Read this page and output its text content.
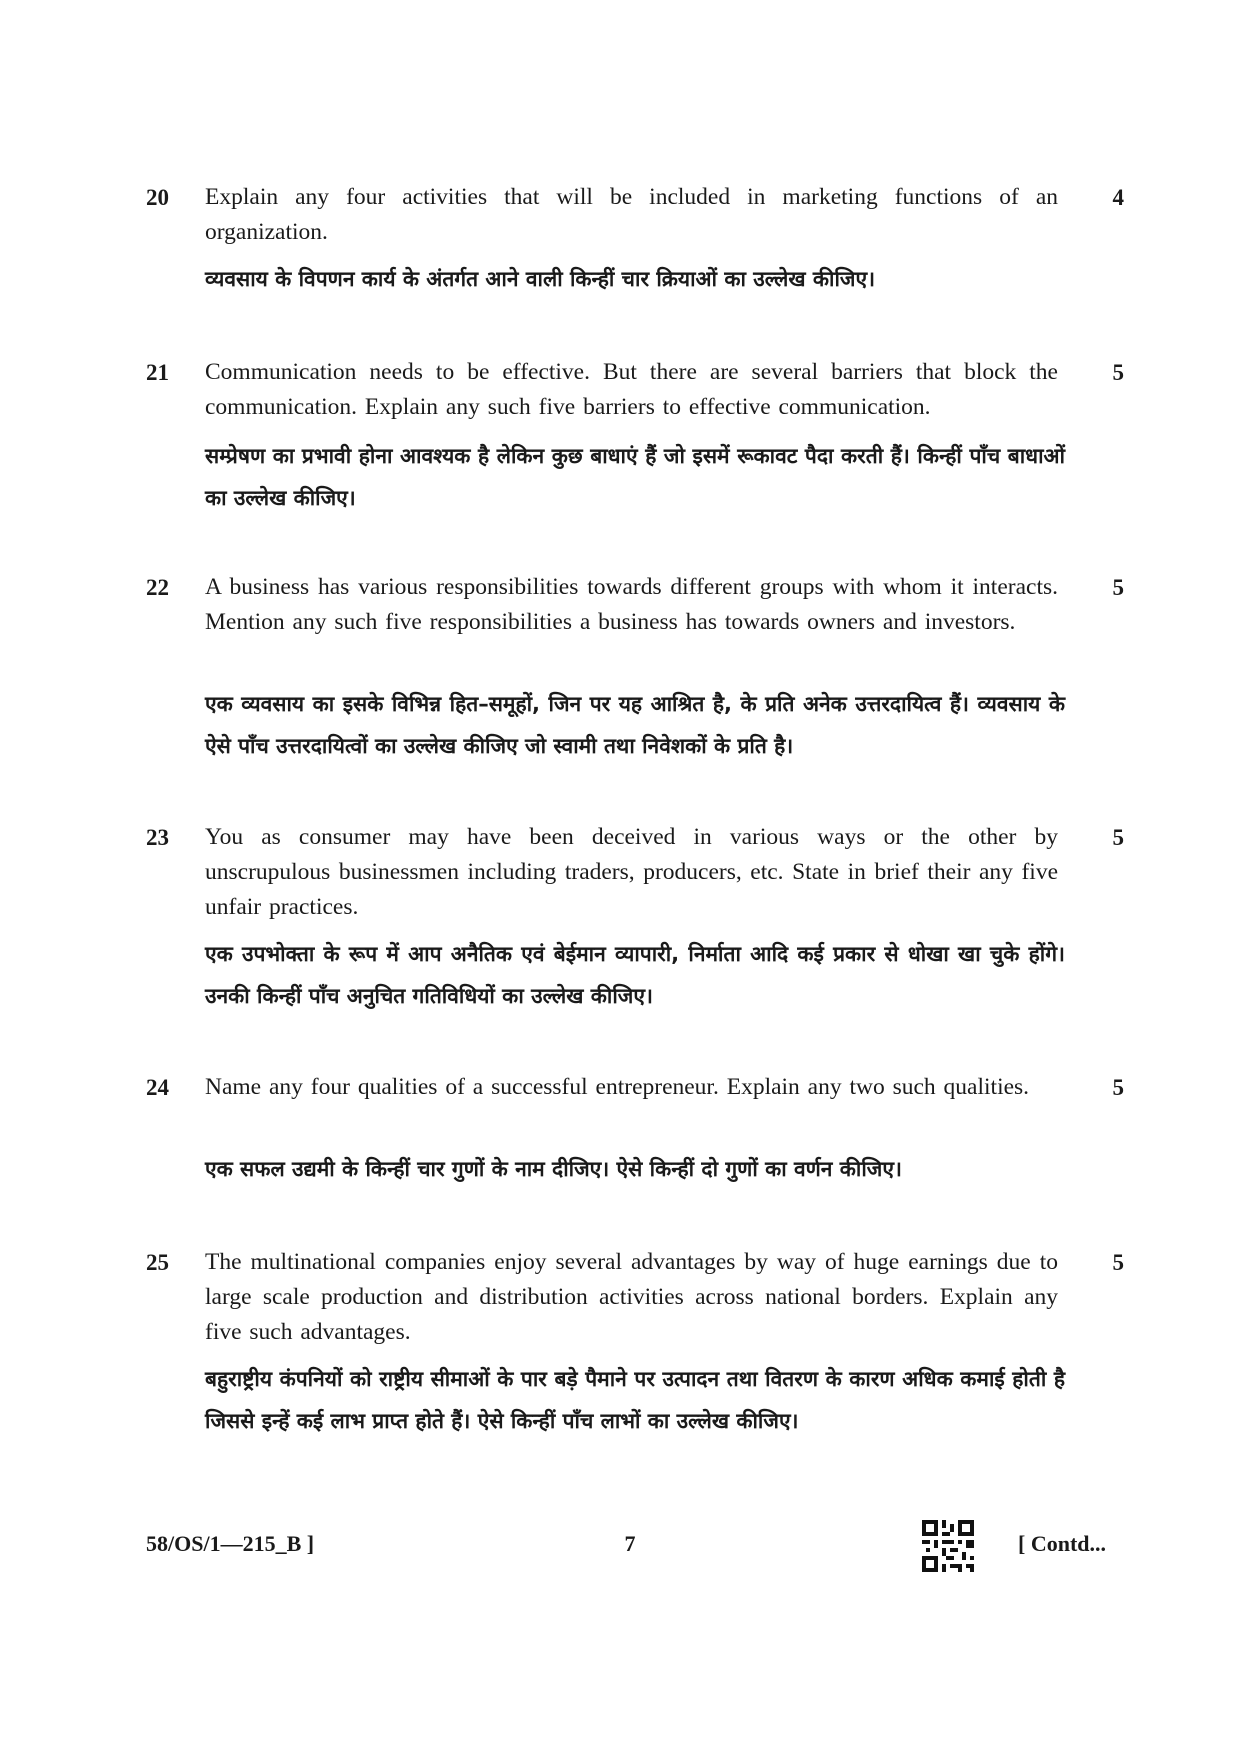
20 Explain any four activities that will be included in marketing functions of an organization.

व्यवसाय के विपणन कार्य के अंतर्गत आने वाली किन्हीं चार क्रियाओं का उल्लेख कीजिए।

4
21 Communication needs to be effective. But there are several barriers that block the communication. Explain any such five barriers to effective communication.

सम्प्रेषण का प्रभावी होना आवश्यक है लेकिन कुछ बाधाएं हैं जो इसमें रूकावट पैदा करती हैं। किन्हीं पाँच बाधाओं का उल्लेख कीजिए।

5
22 A business has various responsibilities towards different groups with whom it interacts. Mention any such five responsibilities a business has towards owners and investors.

एक व्यवसाय का इसके विभिन्न हित–समूहों, जिन पर यह आश्रित है, के प्रति अनेक उत्तरदायित्व हैं। व्यवसाय के ऐसे पाँच उत्तरदायित्वों का उल्लेख कीजिए जो स्वामी तथा निवेशकों के प्रति है।

5
23 You as consumer may have been deceived in various ways or the other by unscrupulous businessmen including traders, producers, etc. State in brief their any five unfair practices.

एक उपभोक्ता के रूप में आप अनैतिक एवं बेईमान व्यापारी, निर्माता आदि कई प्रकार से धोखा खा चुके होंगे। उनकी किन्हीं पाँच अनुचित गतिविधियों का उल्लेख कीजिए।

5
24 Name any four qualities of a successful entrepreneur. Explain any two such qualities.

एक सफल उद्यमी के किन्हीं चार गुणों के नाम दीजिए। ऐसे किन्हीं दो गुणों का वर्णन कीजिए।

5
25 The multinational companies enjoy several advantages by way of huge earnings due to large scale production and distribution activities across national borders. Explain any five such advantages.

बहुराष्ट्रीय कंपनियों को राष्ट्रीय सीमाओं के पार बड़े पैमाने पर उत्पादन तथा वितरण के कारण अधिक कमाई होती है जिससे इन्हें कई लाभ प्राप्त होते हैं। ऐसे किन्हीं पाँच लाभों का उल्लेख कीजिए।

5
58/OS/1—215_B ]	7	[ Contd...
